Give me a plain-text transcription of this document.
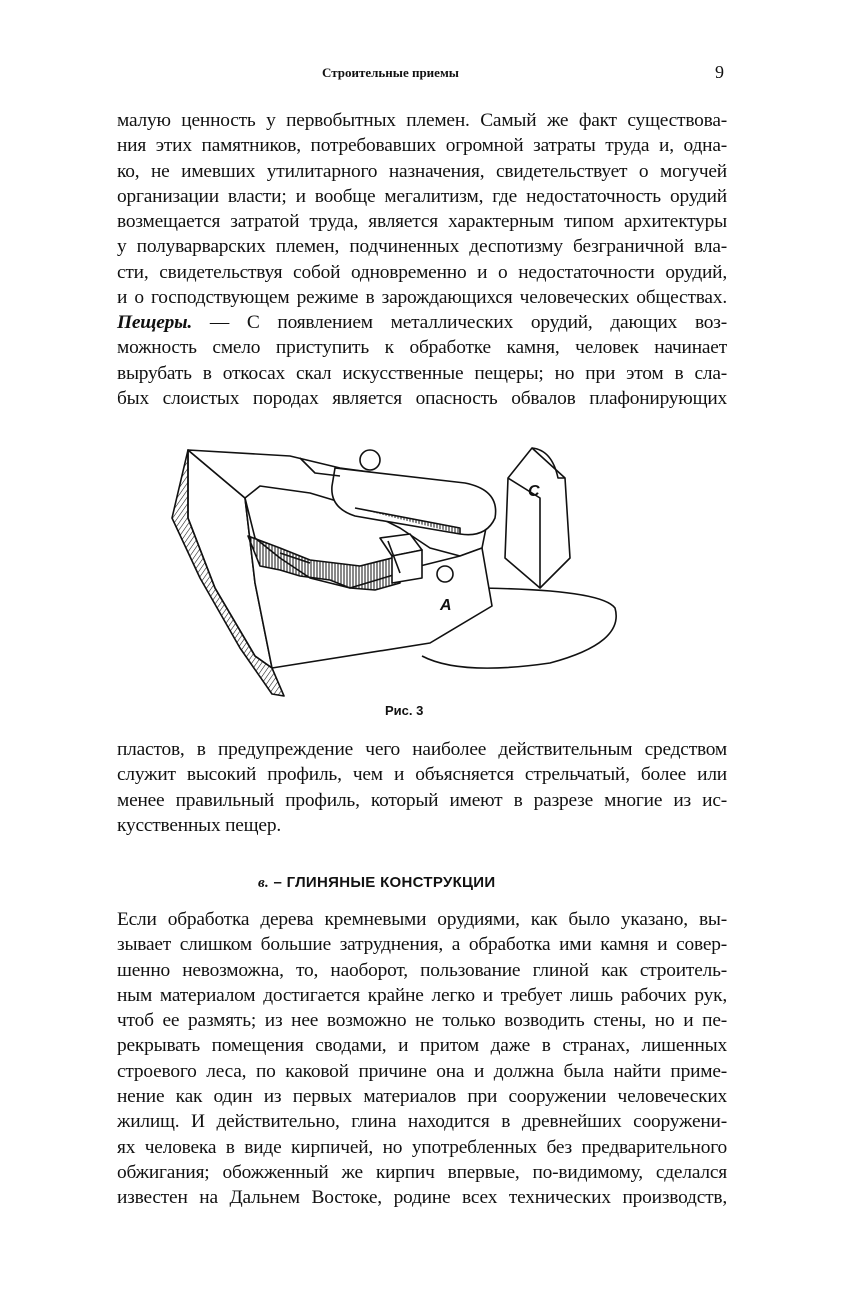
Строительные приемы	9

малую ценность у первобытных племен. Самый же факт существова-
ния этих памятников, потребовавших огромной затраты труда и, одна-
ко, не имевших утилитарного назначения, свидетельствует о могучей
организации власти; и вообще мегалитизм, где недостаточность орудий
возмещается затратой труда, является характерным типом архитектуры
у полуварварских племен, подчиненных деспотизму безграничной вла-
сти, свидетельствуя собой одновременно и о недостаточности орудий,
и о господствующем режиме в зарождающихся человеческих обществах.

Пещеры. — С появлением металлических орудий, дающих воз-
можность смело приступить к обработке камня, человек начинает
вырубать в откосах скал искусственные пещеры; но при этом в сла-
бых слоистых породах является опасность обвалов плафонирующих

A
C
Рис. 3

пластов, в предупреждение чего наиболее действительным средством
служит высокий профиль, чем и объясняется стрельчатый, более или
менее правильный профиль, который имеют в разрезе многие из ис-
кусственных пещер.

в. – ГЛИНЯНЫЕ КОНСТРУКЦИИ

Если обработка дерева кремневыми орудиями, как было указано, вы-
зывает слишком большие затруднения, а обработка ими камня и совер-
шенно невозможна, то, наоборот, пользование глиной как строитель-
ным материалом достигается крайне легко и требует лишь рабочих рук,
чтоб ее размять; из нее возможно не только возводить стены, но и пе-
рекрывать помещения сводами, и притом даже в странах, лишенных
строевого леса, по каковой причине она и должна была найти приме-
нение как один из первых материалов при сооружении человеческих
жилищ. И действительно, глина находится в древнейших сооружени-
ях человека в виде кирпичей, но употребленных без предварительного
обжигания; обожженный же кирпич впервые, по-видимому, сделался
известен на Дальнем Востоке, родине всех технических производств,
